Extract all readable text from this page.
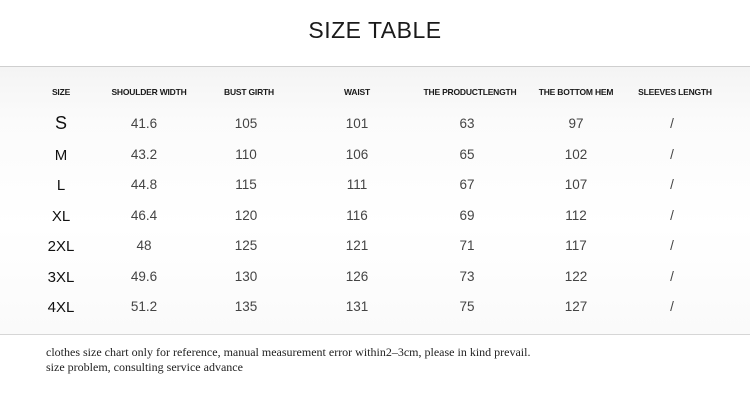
SIZE TABLE
SIZE	SHOULDER WIDTH	BUST GIRTH	WAIST	THE PRODUCTLENGTH	THE BOTTOM HEM	SLEEVES LENGTH
S	41.6	105	101	63	97	/
M	43.2	110	106	65	102	/
L	44.8	115	111	67	107	/
XL	46.4	120	116	69	112	/
2XL	48	125	121	71	117	/
3XL	49.6	130	126	73	122	/
4XL	51.2	135	131	75	127	/
clothes size chart only for reference, manual measurement error within2–3cm, please in kind prevail.
size problem, consulting service advance
